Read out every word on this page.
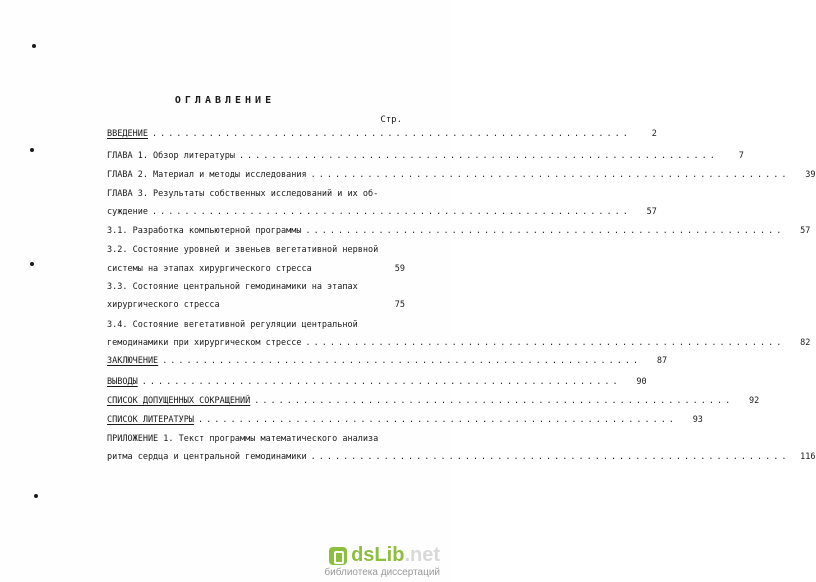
ОГЛАВЛЕНИЕ
Стр.
ВВЕДЕНИЕ ...........................................................	2
ГЛАВА 1. Обзор литературы ...........................................................	7
ГЛАВА 2. Материал и методы исследования ...........................................................	39
ГЛАВА 3. Результаты собственных исследований и их об-
суждение ...........................................................	57
3.1. Разработка компьютерной программы ...........................................................	57
3.2. Состояние уровней и звеньев вегетативной нервной
системы на этапах хирургического стресса	59
3.3. Состояние центральной гемодинамики на этапах
хирургического стресса	75
3.4. Состояние вегетативной регуляции центральной
гемодинамики при хирургическом стрессе ...........................................................	82
ЗАКЛЮЧЕНИЕ ...........................................................	87
ВЫВОДЫ ...........................................................	90
СПИСОК ДОПУЩЕННЫХ СОКРАЩЕНИЙ ...........................................................	92
СПИСОК ЛИТЕРАТУРЫ ...........................................................	93
ПРИЛОЖЕНИЕ 1. Текст программы математического анализа
ритма сердца и центральной гемодинамики ...........................................................	116
dsLib.net
библиотека диссертаций
